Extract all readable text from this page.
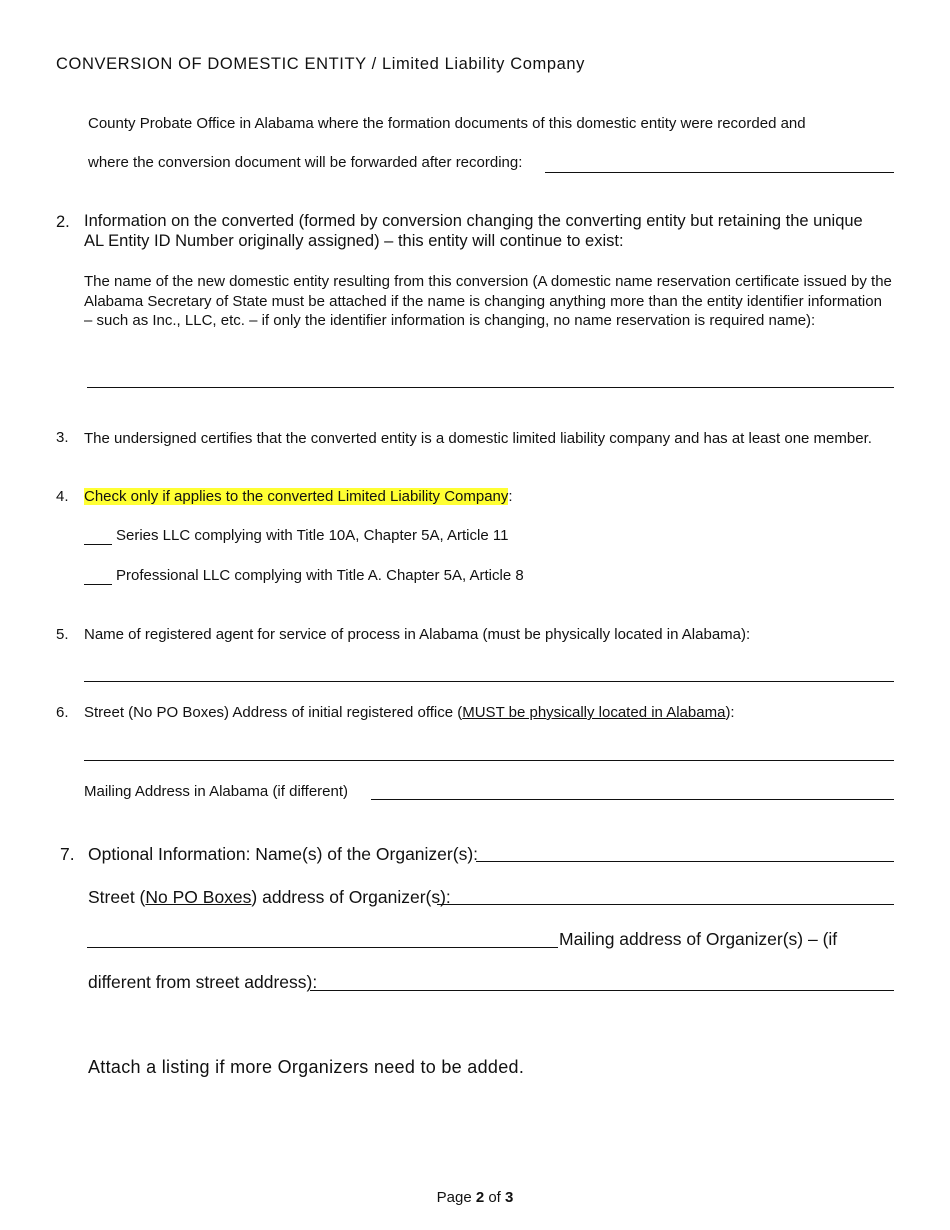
CONVERSION OF DOMESTIC ENTITY / Limited Liability Company
County Probate Office in Alabama where the formation documents of this domestic entity were recorded and
where the conversion document will be forwarded after recording:
2. Information on the converted (formed by conversion changing the converting entity but retaining the unique
AL Entity ID Number originally assigned) – this entity will continue to exist:
The name of the new domestic entity resulting from this conversion (A domestic name reservation certificate issued by the Alabama Secretary of State must be attached if the name is changing anything more than the entity identifier information – such as Inc., LLC, etc. – if only the identifier information is changing, no name reservation is required name):
3. The undersigned certifies that the converted entity is a domestic limited liability company and has at least one member.
4. Check only if applies to the converted Limited Liability Company:
Series LLC complying with Title 10A, Chapter 5A, Article 11
Professional LLC complying with Title A. Chapter 5A, Article 8
5. Name of registered agent for service of process in Alabama (must be physically located in Alabama):
6. Street (No PO Boxes) Address of initial registered office (MUST be physically located in Alabama):
Mailing Address in Alabama (if different)
7. Optional Information: Name(s) of the Organizer(s):
Street (No PO Boxes) address of Organizer(s):
Mailing address of Organizer(s) – (if
different from street address):
Attach a listing if more Organizers need to be added.
Page 2 of 3
